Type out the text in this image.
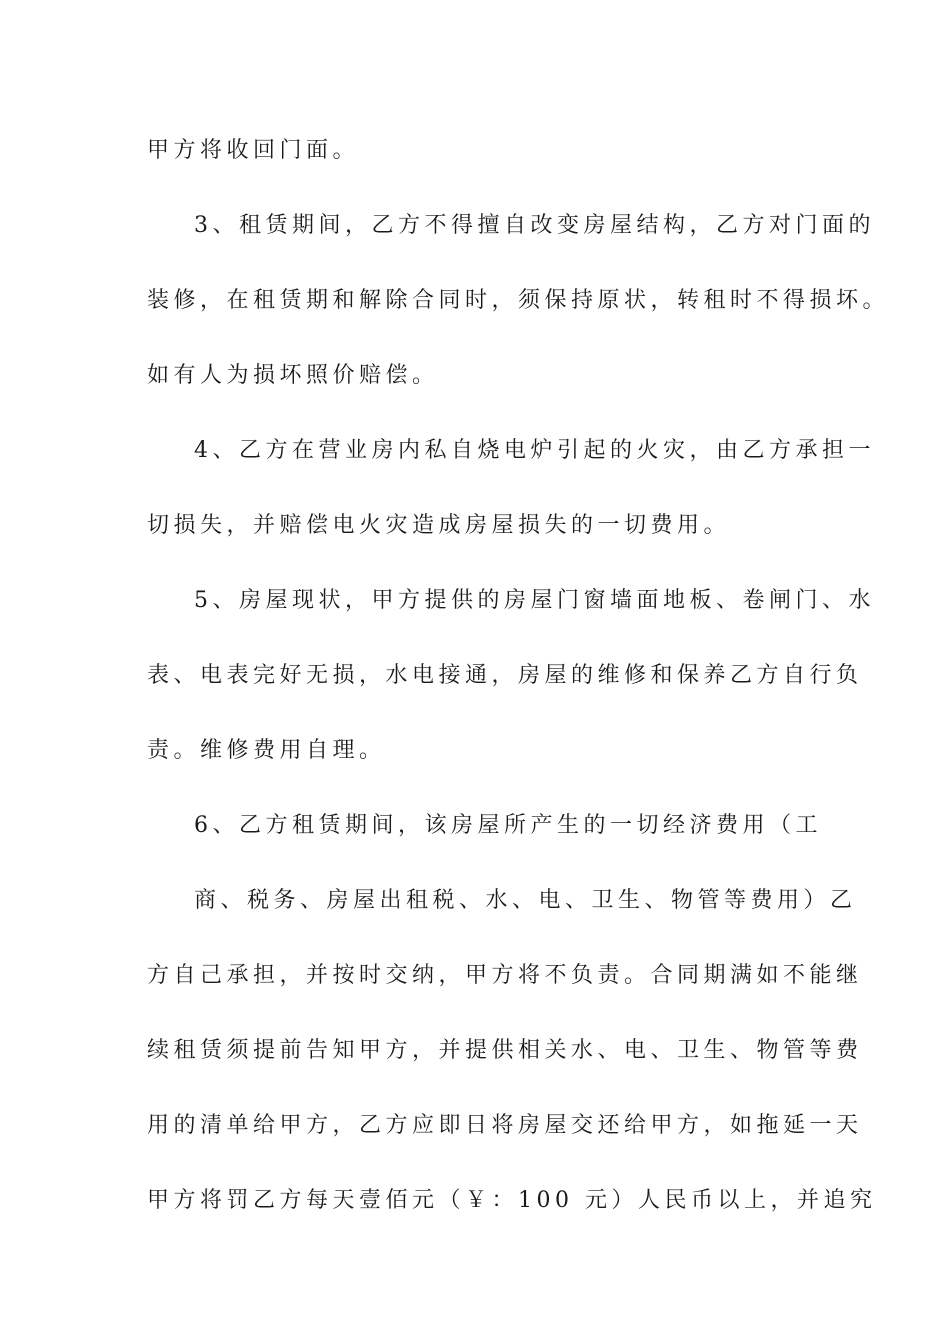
甲方将收回门面。
3、租赁期间，乙方不得擅自改变房屋结构，乙方对门面的
装修，在租赁期和解除合同时，须保持原状，转租时不得损坏。
如有人为损坏照价赔偿。
4、乙方在营业房内私自烧电炉引起的火灾，由乙方承担一
切损失，并赔偿电火灾造成房屋损失的一切费用。
5、房屋现状，甲方提供的房屋门窗墙面地板、卷闸门、水
表、电表完好无损，水电接通，房屋的维修和保养乙方自行负
责。维修费用自理。
6、乙方租赁期间，该房屋所产生的一切经济费用（工
商、税务、房屋出租税、水、电、卫生、物管等费用）乙
方自己承担，并按时交纳，甲方将不负责。合同期满如不能继
续租赁须提前告知甲方，并提供相关水、电、卫生、物管等费
用的清单给甲方，乙方应即日将房屋交还给甲方，如拖延一天
甲方将罚乙方每天壹佰元（￥：100 元）人民币以上，并追究
